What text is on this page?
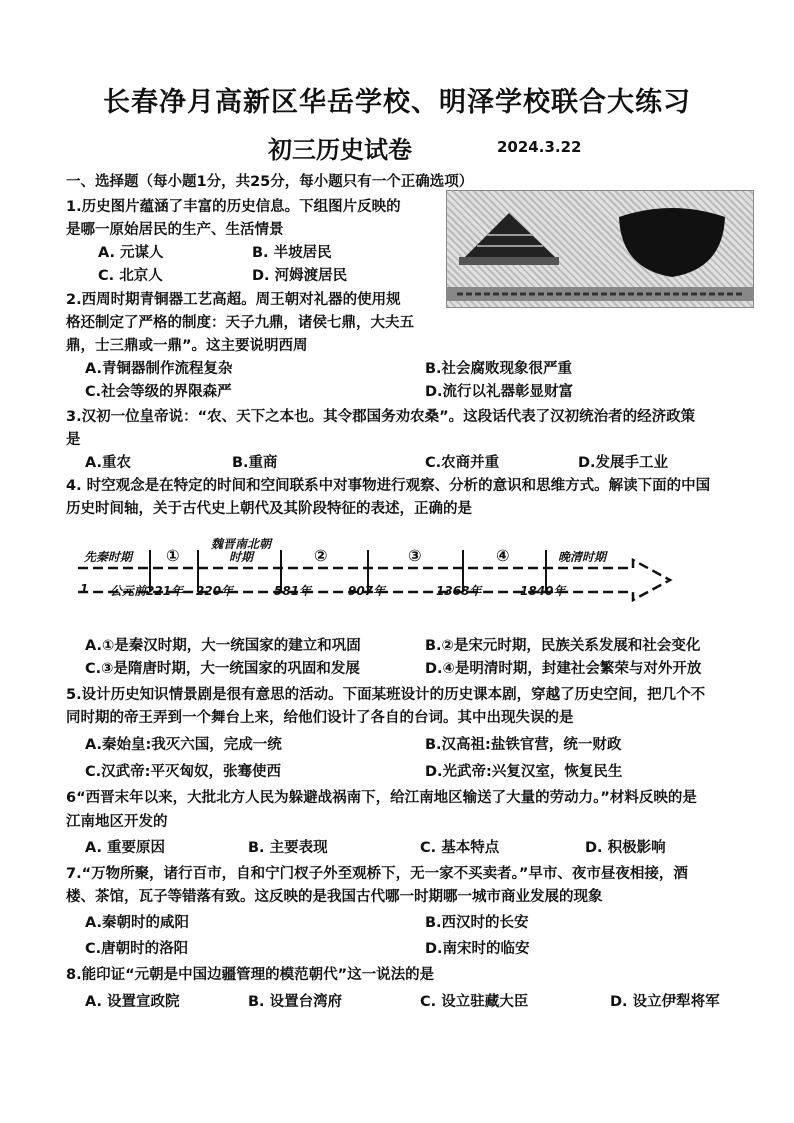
长春净月高新区华岳学校、明泽学校联合大练习
初三历史试卷	2024.3.22
一、选择题（每小题1分，共25分，每小题只有一个正确选项）
1.历史图片蕴涵了丰富的历史信息。下组图片反映的
是哪一原始居民的生产、生活情景
A. 元谋人	B. 半坡居民
C. 北京人	D. 河姆渡居民
2.西周时期青铜器工艺高超。周王朝对礼器的使用规
格还制定了严格的制度：天子九鼎，诸侯七鼎，大夫五
鼎，士三鼎或一鼎”。这主要说明西周
A.青铜器制作流程复杂	B.社会腐败现象很严重
C.社会等级的界限森严	D.流行以礼器彰显财富
3.汉初一位皇帝说：“农、天下之本也。其令郡国务劝农桑”。这段话代表了汉初统治者的经济政策
是
A.重农	B.重商	C.农商并重	D.发展手工业
4. 时空观念是在特定的时间和空间联系中对事物进行观察、分析的意识和思维方式。解读下面的中国
历史时间轴，关于古代史上朝代及其阶段特征的表述，正确的是
先秦时期 ①
魏晋南北朝时期	②	③	④	晚清时期
1 公元前221年 220年	581年	907年	1368年	1840年
A.①是秦汉时期，大一统国家的建立和巩固	B.②是宋元时期，民族关系发展和社会变化
C.③是隋唐时期，大一统国家的巩固和发展	D.④是明清时期，封建社会繁荣与对外开放
5.设计历史知识情景剧是很有意思的活动。下面某班设计的历史课本剧，穿越了历史空间，把几个不
同时期的帝王弄到一个舞台上来，给他们设计了各自的台词。其中出现失误的是
A.秦始皇:我灭六国，完成一统	B.汉高祖:盐铁官营，统一财政
C.汉武帝:平灭匈奴，张骞使西	D.光武帝:兴复汉室，恢复民生
6“西晋末年以来，大批北方人民为躲避战祸南下，给江南地区输送了大量的劳动力。”材料反映的是
江南地区开发的
A. 重要原因	B. 主要表现	C. 基本特点	D. 积极影响
7.“万物所聚，诸行百市，自和宁门杈子外至观桥下，无一家不买卖者。”早市、夜市昼夜相接，酒
楼、茶馆，瓦子等错落有致。这反映的是我国古代哪一时期哪一城市商业发展的现象
A.秦朝时的咸阳	B.西汉时的长安
C.唐朝时的洛阳	D.南宋时的临安
8.能印证“元朝是中国边疆管理的模范朝代”这一说法的是
A. 设置宣政院	B. 设置台湾府	C. 设立驻藏大臣	D. 设立伊犁将军
